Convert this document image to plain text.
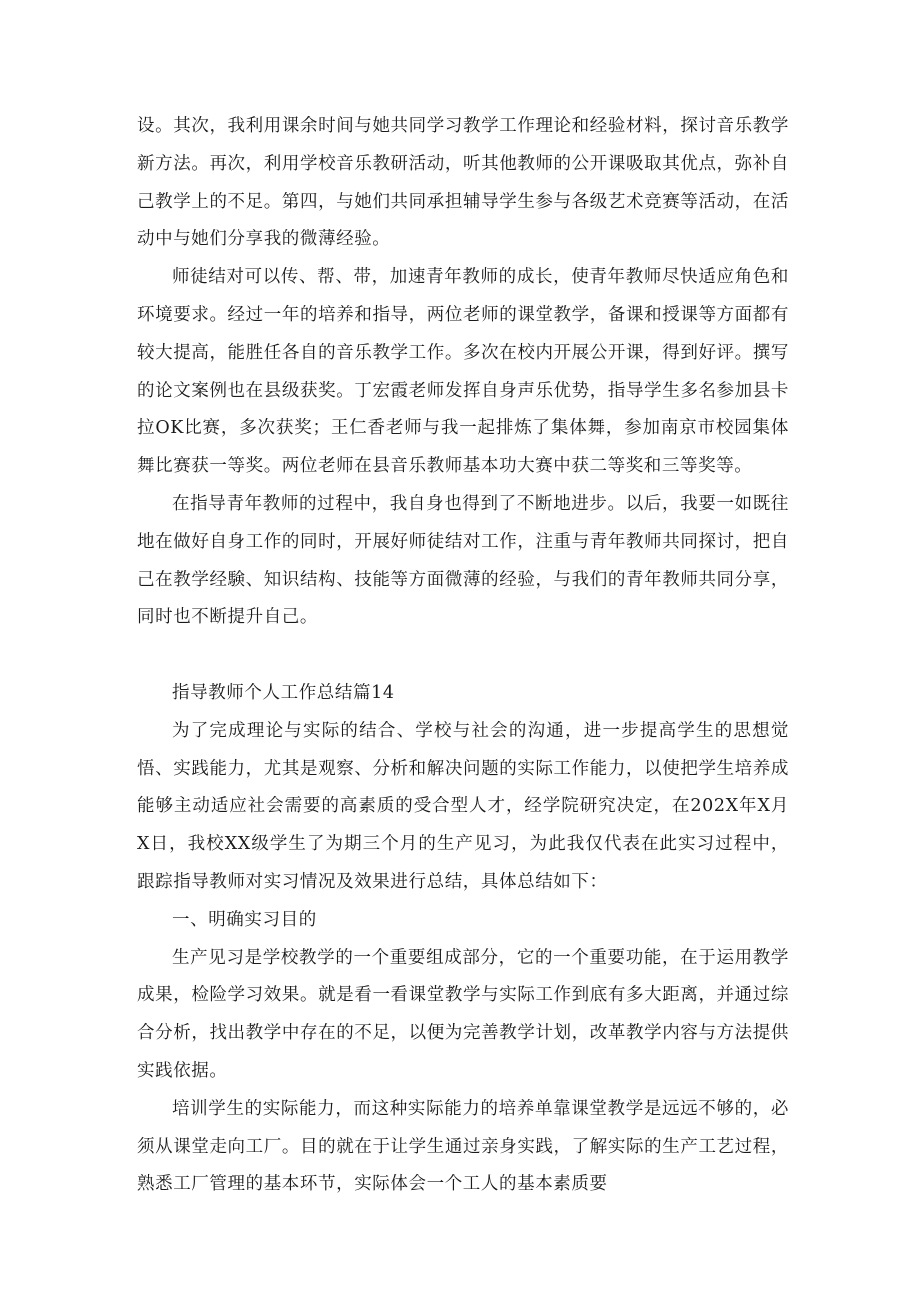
设。其次，我利用课余时间与她共同学习教学工作理论和经验材料，探讨音乐教学新方法。再次，利用学校音乐教研活动，听其他教师的公开课吸取其优点，弥补自己教学上的不足。第四，与她们共同承担辅导学生参与各级艺术竞赛等活动，在活动中与她们分享我的微薄经验。

师徒结对可以传、帮、带，加速青年教师的成长，使青年教师尽快适应角色和环境要求。经过一年的培养和指导，两位老师的课堂教学，备课和授课等方面都有较大提高，能胜任各自的音乐教学工作。多次在校内开展公开课，得到好评。撰写的论文案例也在县级获奖。丁宏霞老师发挥自身声乐优势，指导学生多名参加县卡拉OK比赛，多次获奖；王仁香老师与我一起排炼了集体舞，参加南京市校园集体舞比赛获一等奖。两位老师在县音乐教师基本功大赛中获二等奖和三等奖等。

在指导青年教师的过程中，我自身也得到了不断地进步。以后，我要一如既往地在做好自身工作的同时，开展好师徒结对工作，注重与青年教师共同探讨，把自己在教学经験、知识结构、技能等方面微薄的经验，与我们的青年教师共同分享，同时也不断提升自己。

指导教师个人工作总结篇14

为了完成理论与实际的结合、学校与社会的沟通，进一步提高学生的思想觉悟、实践能力，尤其是观察、分析和解决问题的实际工作能力，以使把学生培养成能够主动适应社会需要的高素质的受合型人才，经学院研究决定，在202X年X月X日，我校XX级学生了为期三个月的生产见习，为此我仅代表在此实习过程中，跟踪指导教师对实习情况及效果进行总结，具体总结如下：

一、明确实习目的

生产见习是学校教学的一个重要组成部分，它的一个重要功能，在于运用教学成果，检险学习效果。就是看一看课堂教学与实际工作到底有多大距离，并通过综合分析，找出教学中存在的不足，以便为完善教学计划，改革教学内容与方法提供实践依据。

培训学生的实际能力，而这种实际能力的培养单靠课堂教学是远远不够的，必须从课堂走向工厂。目的就在于让学生通过亲身实践，了解实际的生产工艺过程，熟悉工厂管理的基本环节，实际体会一个工人的基本素质要
